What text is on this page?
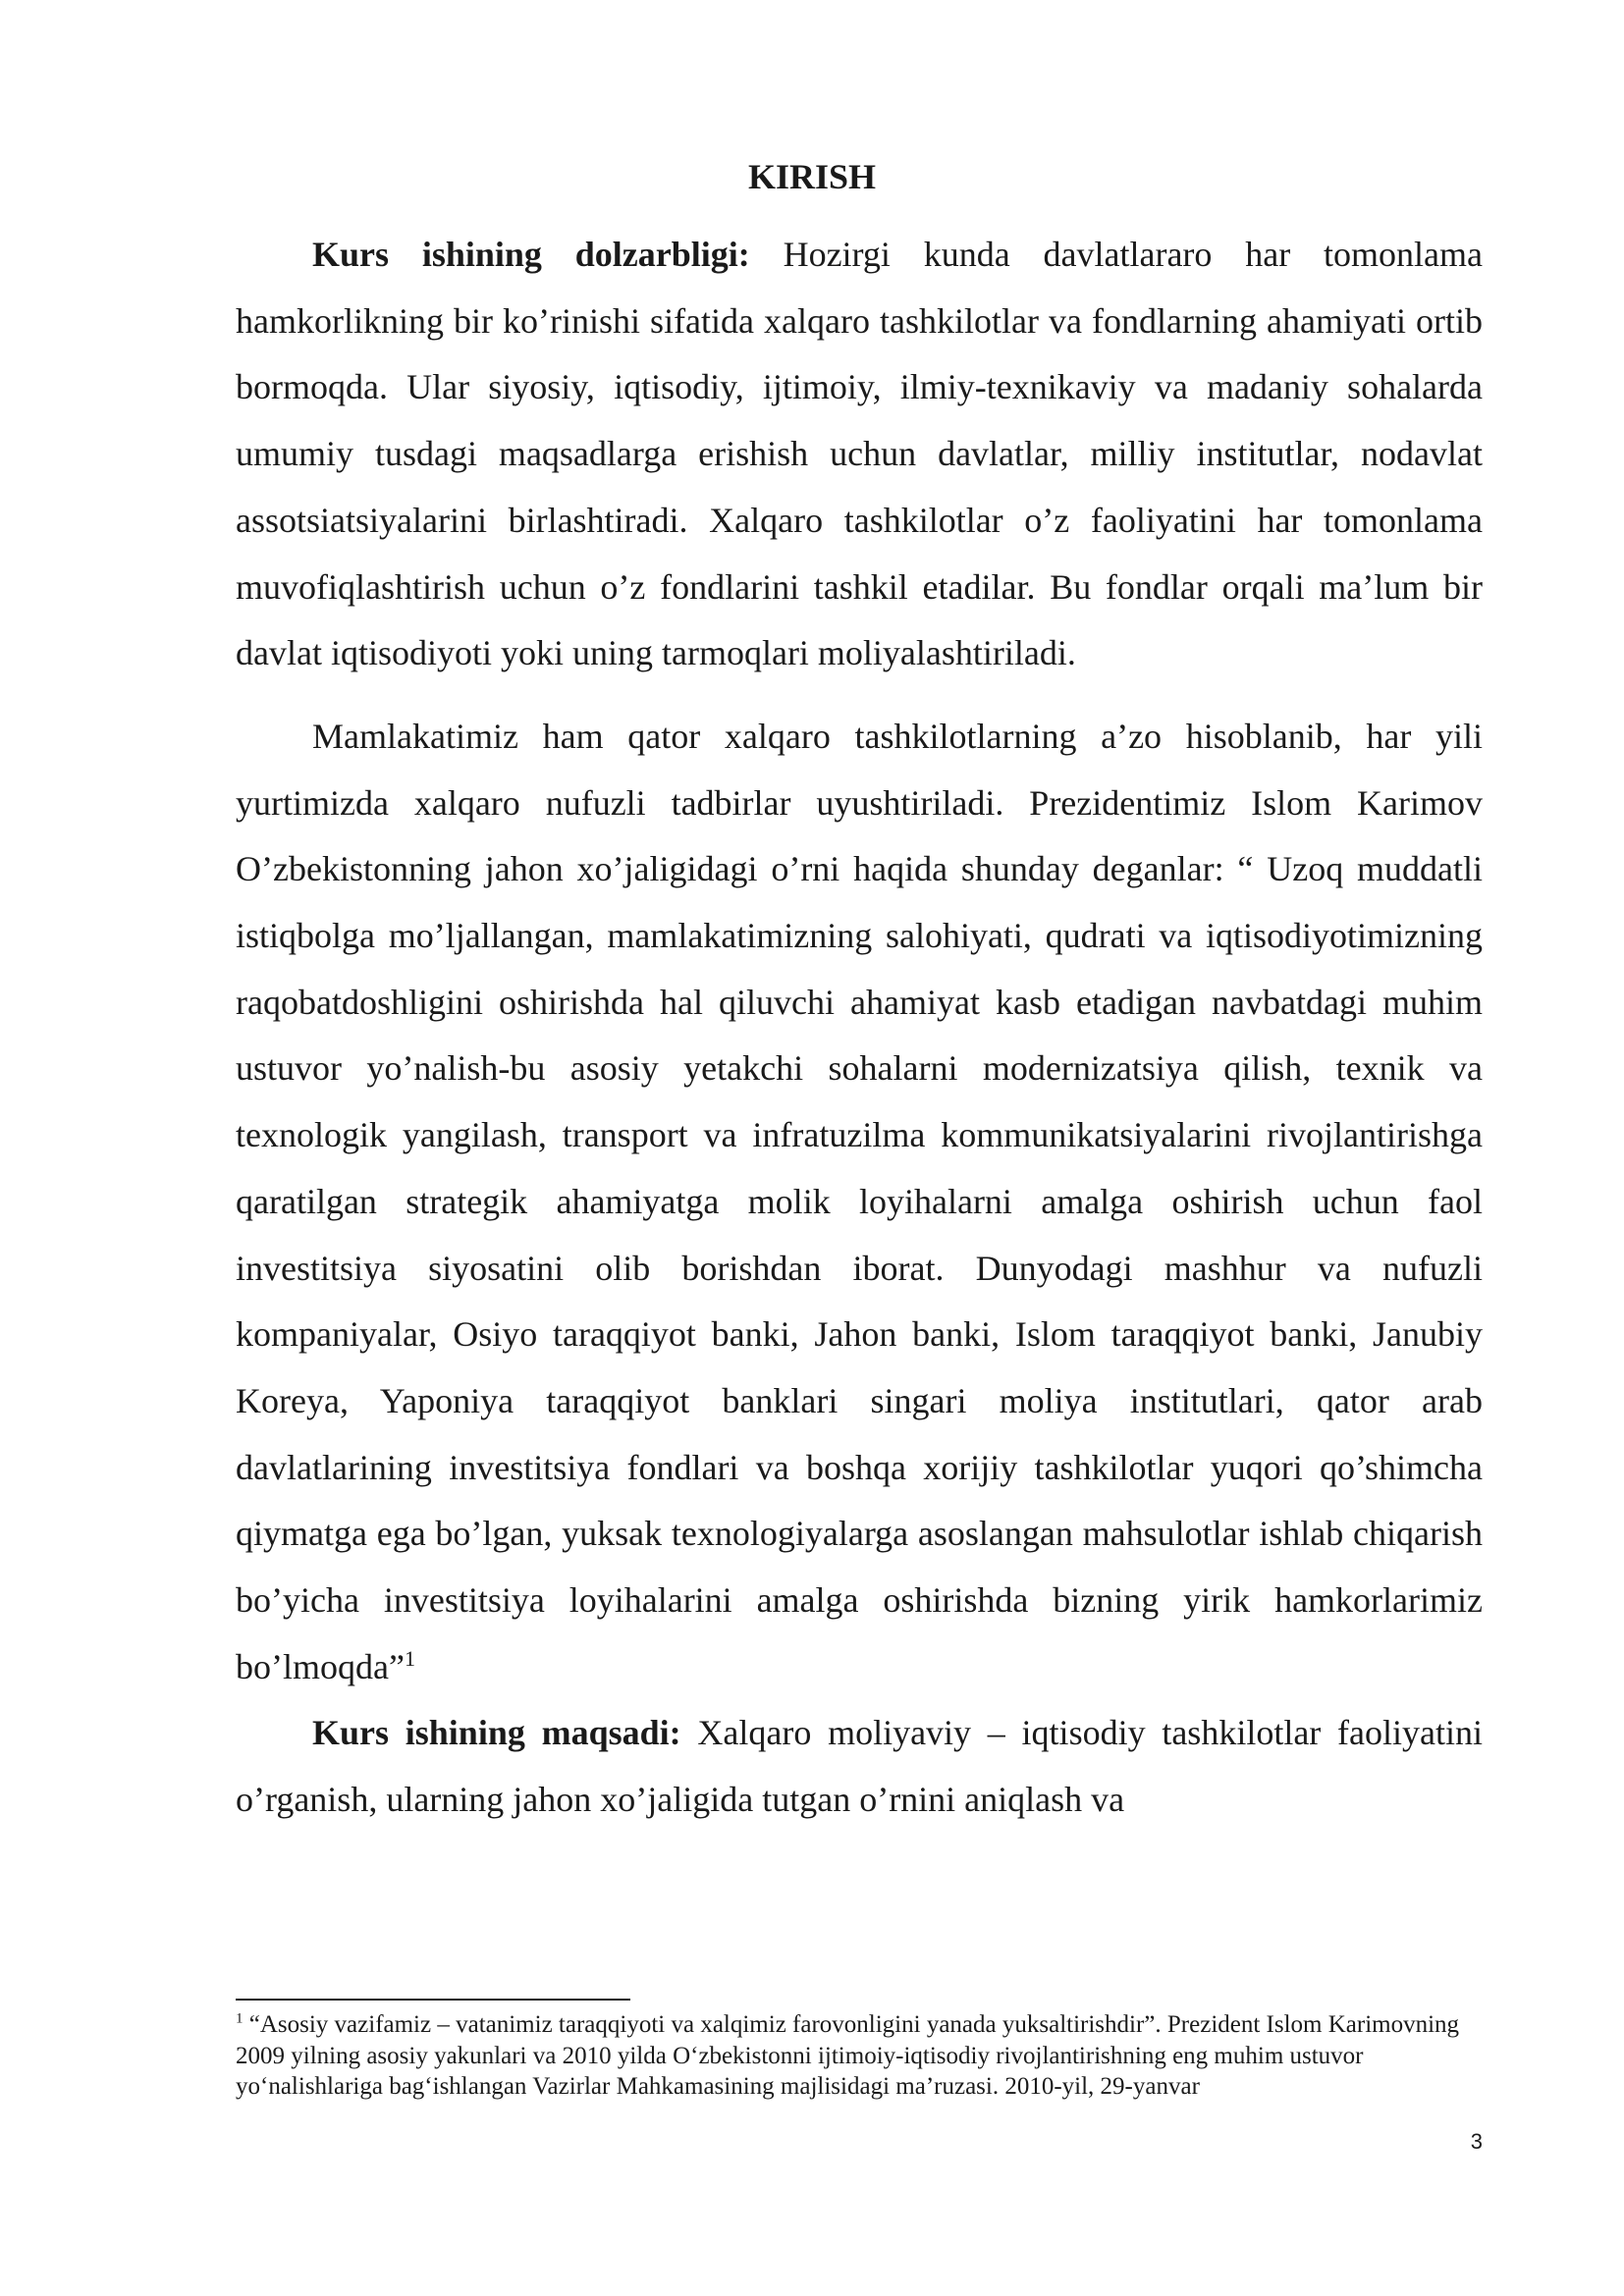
KIRISH

Kurs ishining dolzarbligi: Hozirgi kunda davlatlararo har tomonlama hamkorlikning bir ko’rinishi sifatida xalqaro tashkilotlar va fondlarning ahamiyati ortib bormoqda. Ular siyosiy, iqtisodiy, ijtimoiy, ilmiy-texnikaviy va madaniy sohalarda umumiy tusdagi maqsadlarga erishish uchun davlatlar, milliy institutlar, nodavlat assotsiatsiyalarini birlashtiradi. Xalqaro tashkilotlar o’z faoliyatini har tomonlama muvofiqlashtirish uchun o’z fondlarini tashkil etadilar. Bu fondlar orqali ma’lum bir davlat iqtisodiyoti yoki uning tarmoqlari moliyalashtiriladi.

Mamlakatimiz ham qator xalqaro tashkilotlarning a’zo hisoblanib, har yili yurtimizda xalqaro nufuzli tadbirlar uyushtiriladi. Prezidentimiz Islom Karimov O’zbekistonning jahon xo’jaligidagi o’rni haqida shunday deganlar: “ Uzoq muddatli istiqbolga mo’ljallangan, mamlakatimizning salohiyati, qudrati va iqtisodiyotimizning raqobatdoshligini oshirishda hal qiluvchi ahamiyat kasb etadigan navbatdagi muhim ustuvor yo’nalish-bu asosiy yetakchi sohalarni modernizatsiya qilish, texnik va texnologik yangilash, transport va infratuzilma kommunikatsiyalarini rivojlantirishga qaratilgan strategik ahamiyatga molik loyihalarni amalga oshirish uchun faol investitsiya siyosatini olib borishdan iborat. Dunyodagi mashhur va nufuzli kompaniyalar, Osiyo taraqqiyot banki, Jahon banki, Islom taraqqiyot banki, Janubiy Koreya, Yaponiya taraqqiyot banklari singari moliya institutlari, qator arab davlatlarining investitsiya fondlari va boshqa xorijiy tashkilotlar yuqori qo’shimcha qiymatga ega bo’lgan, yuksak texnologiyalarga asoslangan mahsulotlar ishlab chiqarish bo’yicha investitsiya loyihalarini amalga oshirishda bizning yirik hamkorlarimiz bo’lmoqda”$^1$

Kurs ishining maqsadi: Xalqaro moliyaviy – iqtisodiy tashkilotlar faoliyatini o’rganish, ularning jahon xo’jaligida tutgan o’rnini aniqlash va

$^1$ “Asosiy vazifamiz – vatanimiz taraqqiyoti va xalqimiz farovonligini yanada yuksaltirishdir”. Prezident Islom Karimovning 2009 yilning asosiy yakunlari va 2010 yilda O‘zbekistonni ijtimoiy-iqtisodiy rivojlantirishning eng muhim ustuvor yo‘nalishlariga bag‘ishlangan Vazirlar Mahkamasining majlisidagi ma’ruzasi. 2010-yil, 29-yanvar

3
